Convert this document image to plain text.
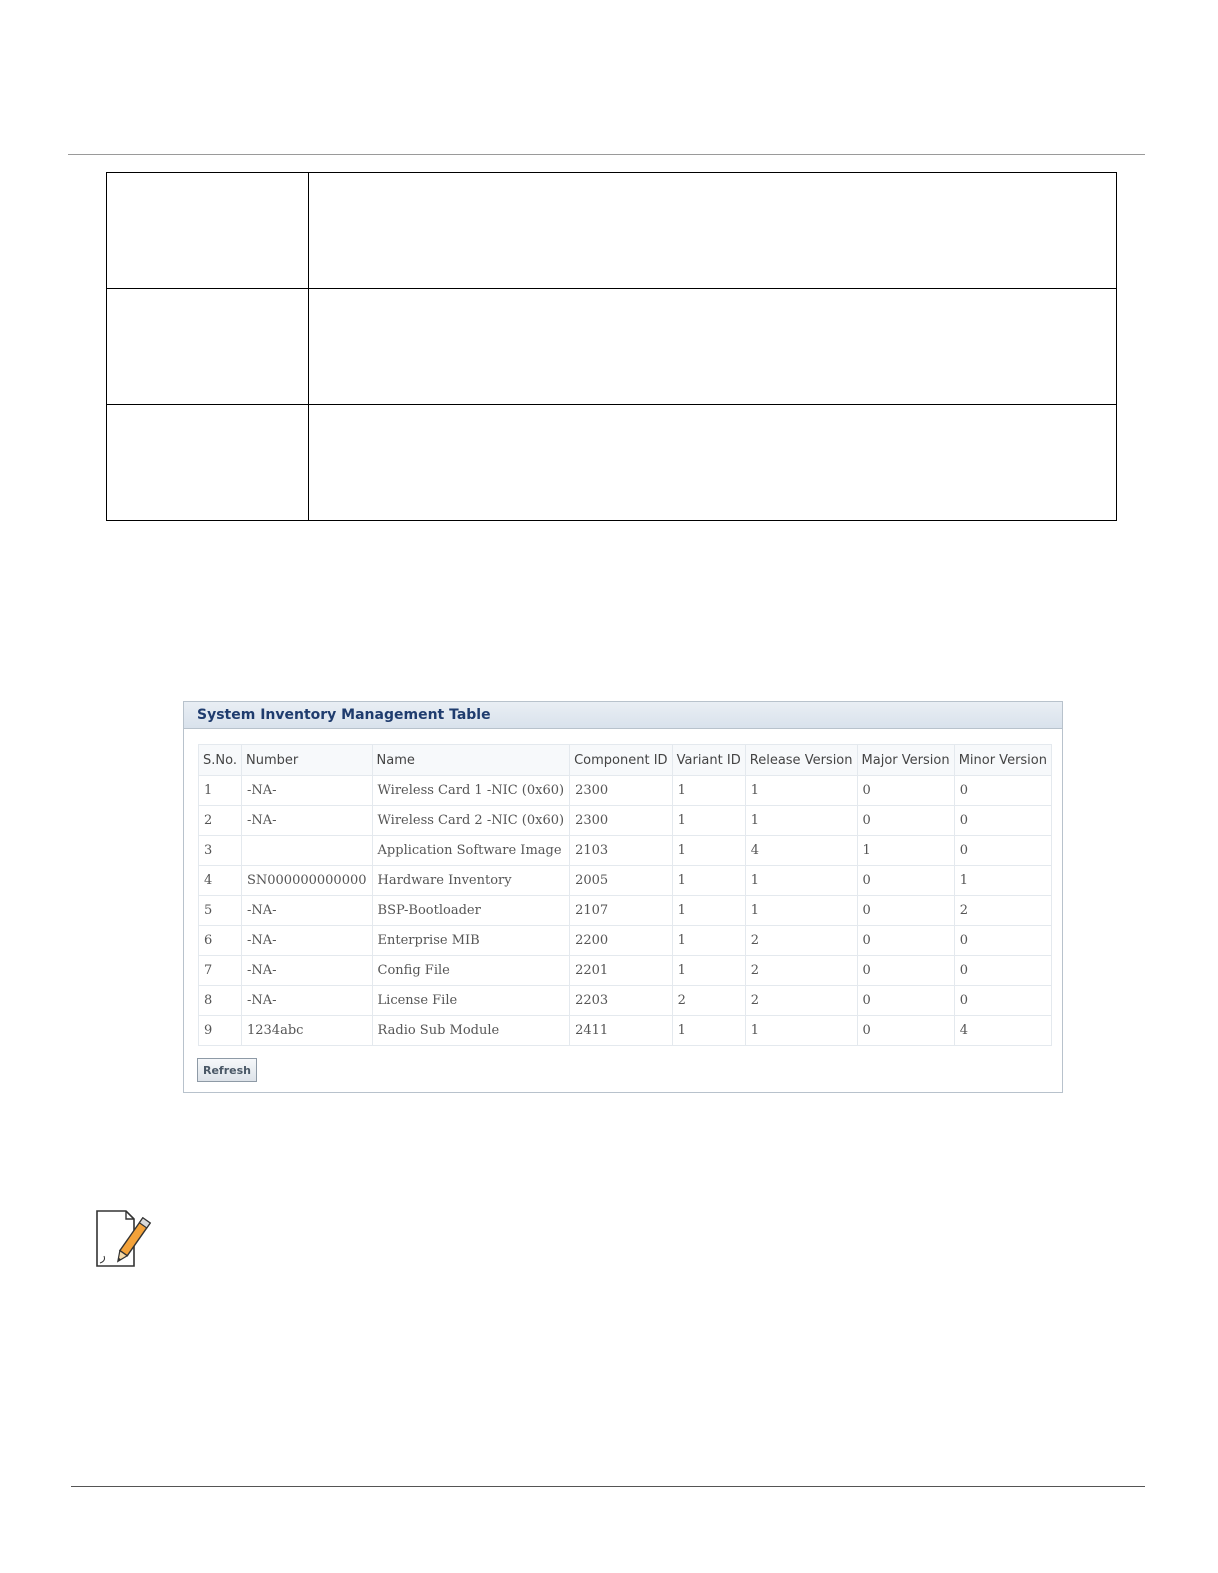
System Inventory Management Table
S.No.	Number	Name	Component ID	Variant ID	Release Version	Major Version	Minor Version
1	-NA-	Wireless Card 1 -NIC (0x60)	2300	1	1	0	0
2	-NA-	Wireless Card 2 -NIC (0x60)	2300	1	1	0	0
3		Application Software Image	2103	1	4	1	0
4	SN000000000000	Hardware Inventory	2005	1	1	0	1
5	-NA-	BSP-Bootloader	2107	1	1	0	2
6	-NA-	Enterprise MIB	2200	1	2	0	0
7	-NA-	Config File	2201	1	2	0	0
8	-NA-	License File	2203	2	2	0	0
9	1234abc	Radio Sub Module	2411	1	1	0	4
Refresh
